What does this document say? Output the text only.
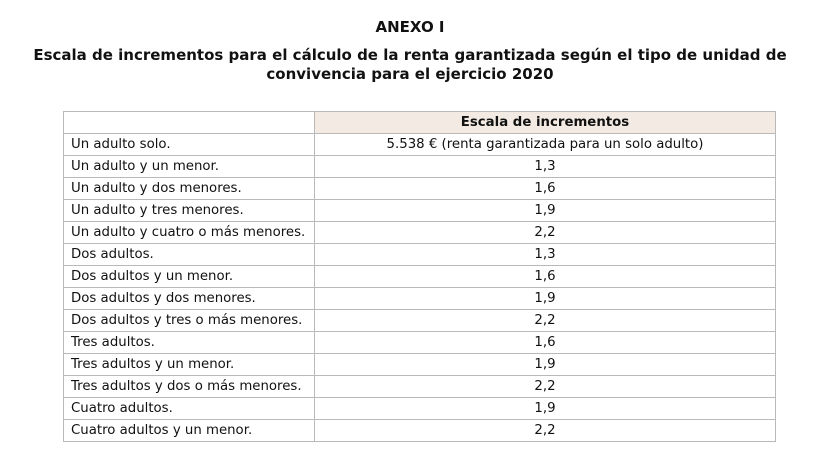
ANEXO I
Escala de incrementos para el cálculo de la renta garantizada según el tipo de unidad de
convivencia para el ejercicio 2020
	Escala de incrementos
Un adulto solo.	5.538 € (renta garantizada para un solo adulto)
Un adulto y un menor.	1,3
Un adulto y dos menores.	1,6
Un adulto y tres menores.	1,9
Un adulto y cuatro o más menores.	2,2
Dos adultos.	1,3
Dos adultos y un menor.	1,6
Dos adultos y dos menores.	1,9
Dos adultos y tres o más menores.	2,2
Tres adultos.	1,6
Tres adultos y un menor.	1,9
Tres adultos y dos o más menores.	2,2
Cuatro adultos.	1,9
Cuatro adultos y un menor.	2,2
